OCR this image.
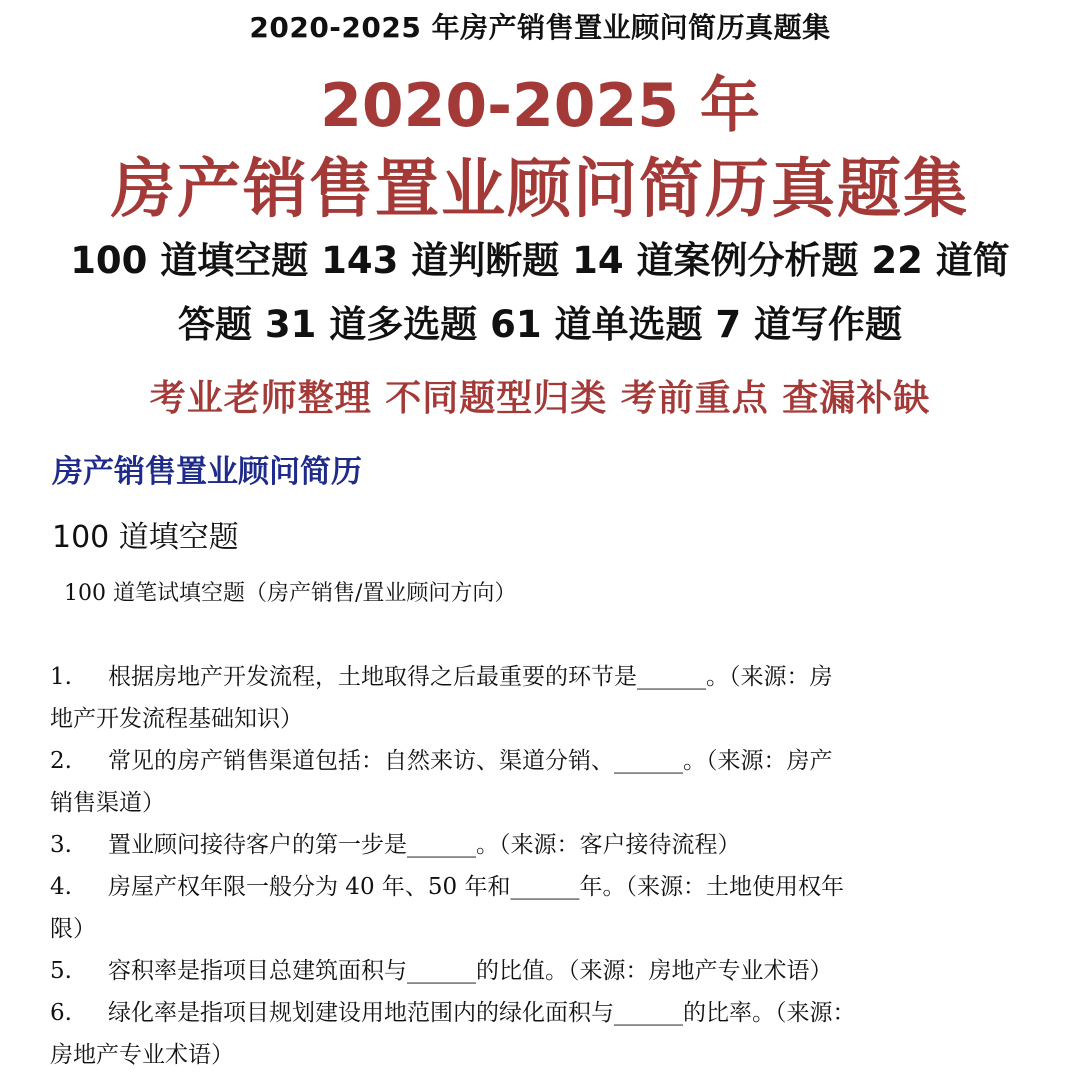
2020-2025 年房产销售置业顾问简历真题集
2020-2025 年
房产销售置业顾问简历真题集
100 道填空题 143 道判断题 14 道案例分析题 22 道简
答题 31 道多选题 61 道单选题 7 道写作题
考业老师整理 不同题型归类 考前重点 查漏补缺
房产销售置业顾问简历
100 道填空题
100 道笔试填空题（房产销售/置业顾问方向）
1.	根据房地产开发流程，土地取得之后最重要的环节是______。（来源：房
地产开发流程基础知识）
2.	常见的房产销售渠道包括：自然来访、渠道分销、______。（来源：房产
销售渠道）
3.	置业顾问接待客户的第一步是______。（来源：客户接待流程）
4.	房屋产权年限一般分为 40 年、50 年和______年。（来源：土地使用权年
限）
5.	容积率是指项目总建筑面积与______的比值。（来源：房地产专业术语）
6.	绿化率是指项目规划建设用地范围内的绿化面积与______的比率。（来源：
房地产专业术语）
